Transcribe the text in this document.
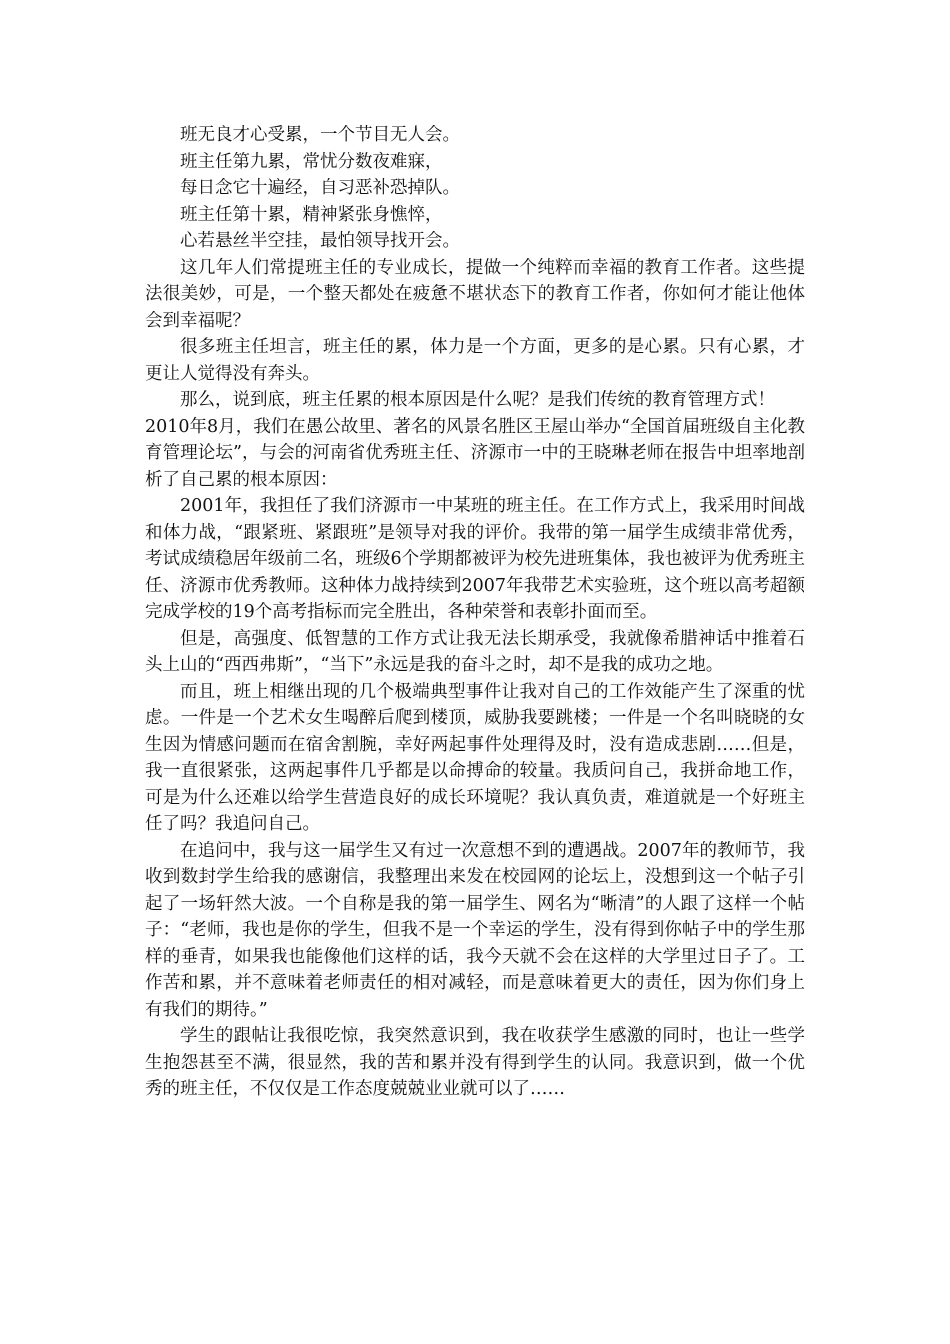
班无良才心受累，一个节目无人会。

班主任第九累，常忧分数夜难寐，

每日念它十遍经，自习恶补恐掉队。

班主任第十累，精神紧张身憔悴，

心若悬丝半空挂，最怕领导找开会。

这几年人们常提班主任的专业成长，提做一个纯粹而幸福的教育工作者。这些提法很美妙，可是，一个整天都处在疲惫不堪状态下的教育工作者，你如何才能让他体会到幸福呢？

很多班主任坦言，班主任的累，体力是一个方面，更多的是心累。只有心累，才更让人觉得没有奔头。

那么，说到底，班主任累的根本原因是什么呢？是我们传统的教育管理方式！

2010年8月，我们在愚公故里、著名的风景名胜区王屋山举办“全国首届班级自主化教育管理论坛”，与会的河南省优秀班主任、济源市一中的王晓琳老师在报告中坦率地剖析了自己累的根本原因：

2001年，我担任了我们济源市一中某班的班主任。在工作方式上，我采用时间战和体力战，“跟紧班、紧跟班”是领导对我的评价。我带的第一届学生成绩非常优秀，考试成绩稳居年级前二名，班级6个学期都被评为校先进班集体，我也被评为优秀班主任、济源市优秀教师。这种体力战持续到2007年我带艺术实验班，这个班以高考超额完成学校的19个高考指标而完全胜出，各种荣誉和表彰扑面而至。

但是，高强度、低智慧的工作方式让我无法长期承受，我就像希腊神话中推着石头上山的“西西弗斯”，“当下”永远是我的奋斗之时，却不是我的成功之地。

而且，班上相继出现的几个极端典型事件让我对自己的工作效能产生了深重的忧虑。一件是一个艺术女生喝醉后爬到楼顶，威胁我要跳楼；一件是一个名叫晓晓的女生因为情感问题而在宿舍割腕，幸好两起事件处理得及时，没有造成悲剧……但是，我一直很紧张，这两起事件几乎都是以命搏命的较量。我质问自己，我拼命地工作，可是为什么还难以给学生营造良好的成长环境呢？我认真负责，难道就是一个好班主任了吗？我追问自己。

在追问中，我与这一届学生又有过一次意想不到的遭遇战。2007年的教师节，我收到数封学生给我的感谢信，我整理出来发在校园网的论坛上，没想到这一个帖子引起了一场轩然大波。一个自称是我的第一届学生、网名为“晰清”的人跟了这样一个帖子：“老师，我也是你的学生，但我不是一个幸运的学生，没有得到你帖子中的学生那样的垂青，如果我也能像他们这样的话，我今天就不会在这样的大学里过日子了。工作苦和累，并不意味着老师责任的相对减轻，而是意味着更大的责任，因为你们身上有我们的期待。”

学生的跟帖让我很吃惊，我突然意识到，我在收获学生感激的同时，也让一些学生抱怨甚至不满，很显然，我的苦和累并没有得到学生的认同。我意识到，做一个优秀的班主任，不仅仅是工作态度兢兢业业就可以了……
